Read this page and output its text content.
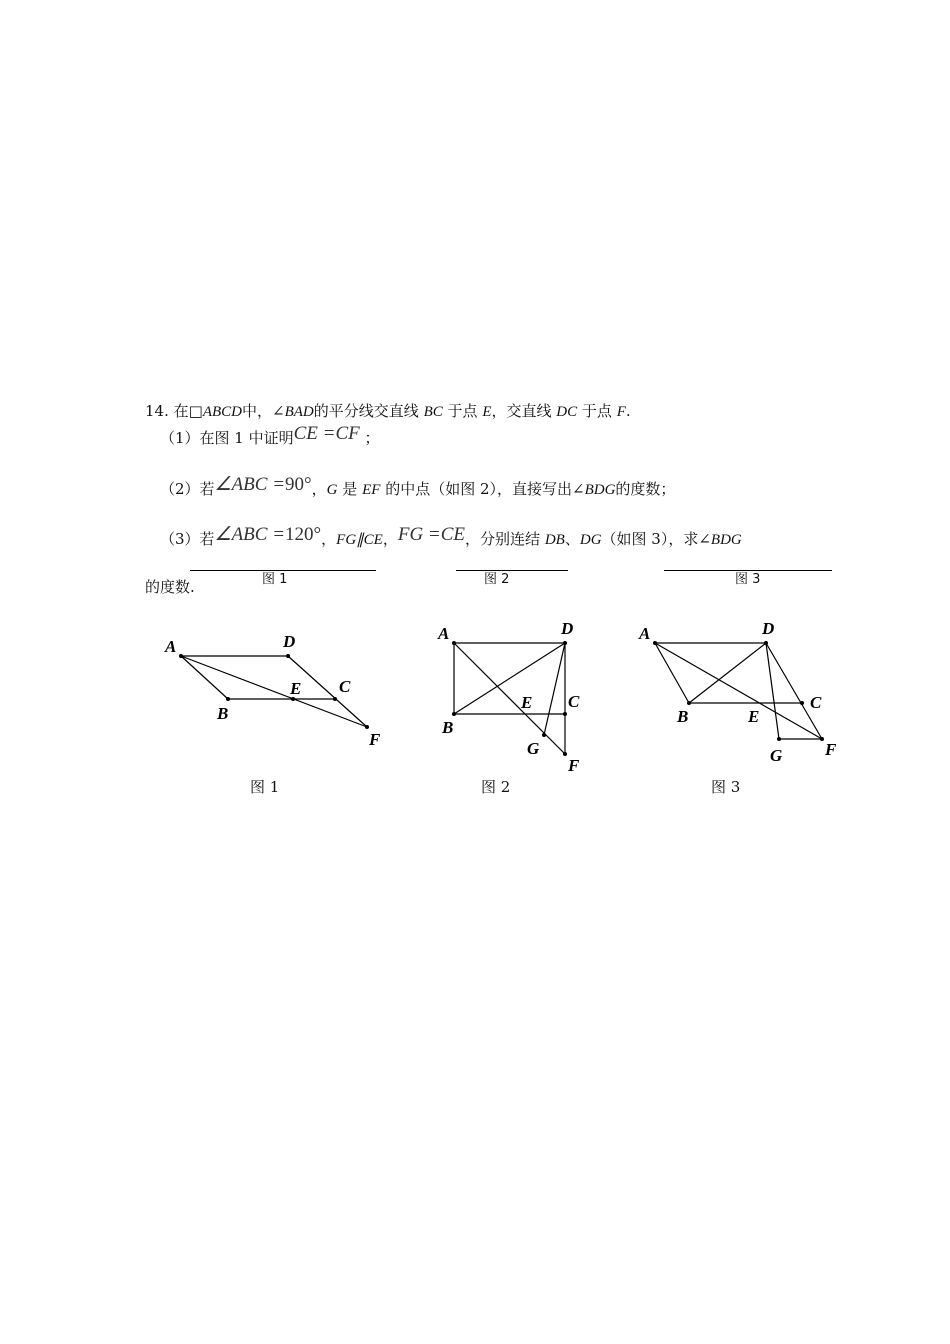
14. 在□ABCD中，∠BAD的平分线交直线 BC 于点 E，交直线 DC 于点 F.
（1）在图 1 中证明CE =CF ；
（2）若∠ABC =90°，G 是 EF 的中点（如图 2），直接写出∠BDG的度数；
（3）若∠ABC =120°，FG∥CE，FG =CE，分别连结 DB、DG（如图 3），求∠BDG
图 1	图 2	图 3
的度数.
A	D
B
E C
F
图 1
A	D
B
E C
G
F
图 2
A	D
B	E
C
G	F
图 3
